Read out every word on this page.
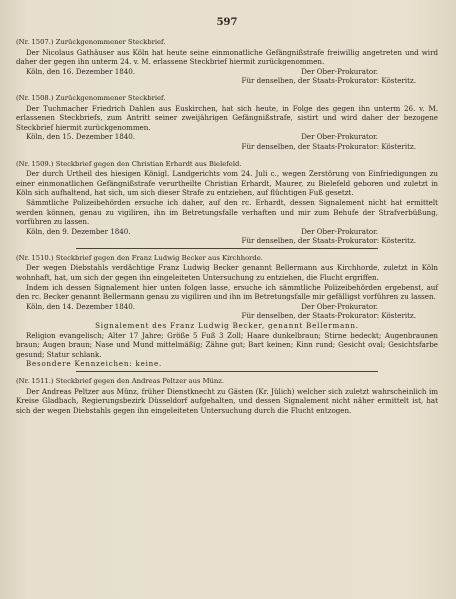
597

(Nr. 1507.) Zurückgenommener Steckbrief.

Der Nicolaus Gathäuser aus Köln hat heute seine einmonatliche Gefängnißstrafe freiwillig angetreten und wird daher der gegen ihn unterm 24. v. M. erlassene Steckbrief hiermit zurückgenommen.

Köln, den 16. Dezember 1840.	Der Ober-Prokurator.

Für denselben, der Staats-Prokurator: Kösteritz.

(Nr. 1508.) Zurückgenommener Steckbrief.

Der Tuchmacher Friedrich Dahlen aus Euskirchen, hat sich heute, in Folge des gegen ihn unterm 26. v. M. erlassenen Steckbriefs, zum Antritt seiner zweijährigen Gefängnißstrafe, sistirt und wird daher der bezogene Steckbrief hiermit zurückgenommen.

Köln, den 15. Dezember 1840.	Der Ober-Prokurator.

Für denselben, der Staats-Prokurator: Kösteritz.

(Nr. 1509.) Steckbrief gegen den Christian Erhardt aus Bielefeld.

Der durch Urtheil des hiesigen Königl. Landgerichts vom 24. Juli c., wegen Zerstörung von Einfriedigungen zu einer einmonatlichen Gefängnißstrafe verurtheilte Christian Erhardt, Maurer, zu Bielefeld geboren und zuletzt in Köln sich aufhaltend, hat sich, um sich dieser Strafe zu entziehen, auf flüchtigen Fuß gesetzt.

Sämmtliche Polizeibehörden ersuche ich daher, auf den rc. Erhardt, dessen Signalement nicht hat ermittelt werden können, genau zu vigiliren, ihn im Betretungsfalle verhaften und mir zum Behufe der Strafverbüßung, vorführen zu lassen.

Köln, den 9. Dezember 1840.	Der Ober-Prokurator.

Für denselben, der Staats-Prokurator: Kösteritz.

(Nr. 1510.) Steckbrief gegen den Franz Ludwig Becker aus Kirchhorde.

Der wegen Diebstahls verdächtige Franz Ludwig Becker genannt Bellermann aus Kirchhorde, zuletzt in Köln wohnhaft, hat, um sich der gegen ihn eingeleiteten Untersuchung zu entziehen, die Flucht ergriffen.

Indem ich dessen Signalement hier unten folgen lasse, ersuche ich sämmtliche Polizeibehörden ergebenst, auf den rc. Becker genannt Bellermann genau zu vigiliren und ihn im Betretungsfalle mir gefälligst vorführen zu lassen.

Köln, den 14. Dezember 1840.	Der Ober-Prokurator.

Für denselben, der Staats-Prokurator: Kösteritz.

Signalement des Franz Ludwig Becker, genannt Bellermann.

Religion evangelisch; Alter 17 Jahre; Größe 5 Fuß 3 Zoll; Haare dunkelbraun; Stirne bedeckt; Augenbraunen braun; Augen braun; Nase und Mund mittelmäßig; Zähne gut; Bart keinen; Kinn rund; Gesicht oval; Gesichtsfarbe gesund; Statur schlank.

Besondere Kennzeichen: keine.

(Nr. 1511.) Steckbrief gegen den Andreas Peltzer aus Münz.

Der Andreas Peltzer aus Münz, früher Dienstknecht zu Gästen (Kr. Jülich) welcher sich zuletzt wahrscheinlich im Kreise Gladbach, Regierungsbezirk Düsseldorf aufgehalten, und dessen Signalement nicht näher ermittelt ist, hat sich der wegen Diebstahls gegen ihn eingeleiteten Untersuchung durch die Flucht entzogen.
